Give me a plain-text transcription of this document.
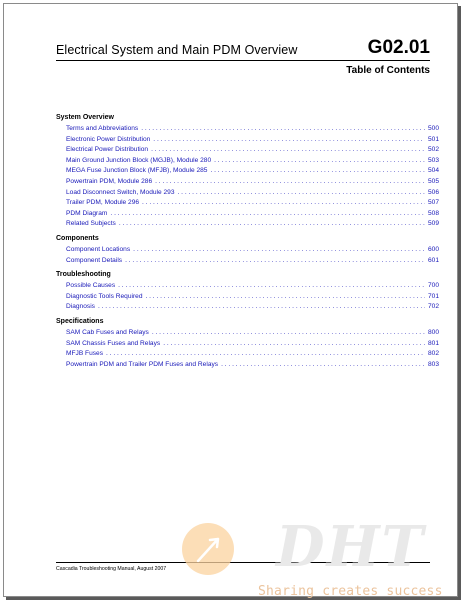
Electrical System and Main PDM Overview	G02.01
Table of Contents
System Overview
Terms and Abbreviations . . .	500
Electronic Power Distribution . . .	501
Electrical Power Distribution . . .	502
Main Ground Junction Block (MGJB), Module 280 . . .	503
MEGA Fuse Junction Block (MFJB), Module 285 . . .	504
Powertrain PDM, Module 286 . . .	505
Load Disconnect Switch, Module 293 . . .	506
Trailer PDM, Module 296 . . .	507
PDM Diagram . . .	508
Related Subjects . . .	509
Components
Component Locations . . .	600
Component Details . . .	601
Troubleshooting
Possible Causes . . .	700
Diagnostic Tools Required . . .	701
Diagnosis . . .	702
Specifications
SAM Cab Fuses and Relays . . .	800
SAM Chassis Fuses and Relays . . .	801
MFJB Fuses . . .	802
Powertrain PDM and Trailer PDM Fuses and Relays . . .	803
Cascadia Troubleshooting Manual, August 2007 DHT
Sharing creates success
